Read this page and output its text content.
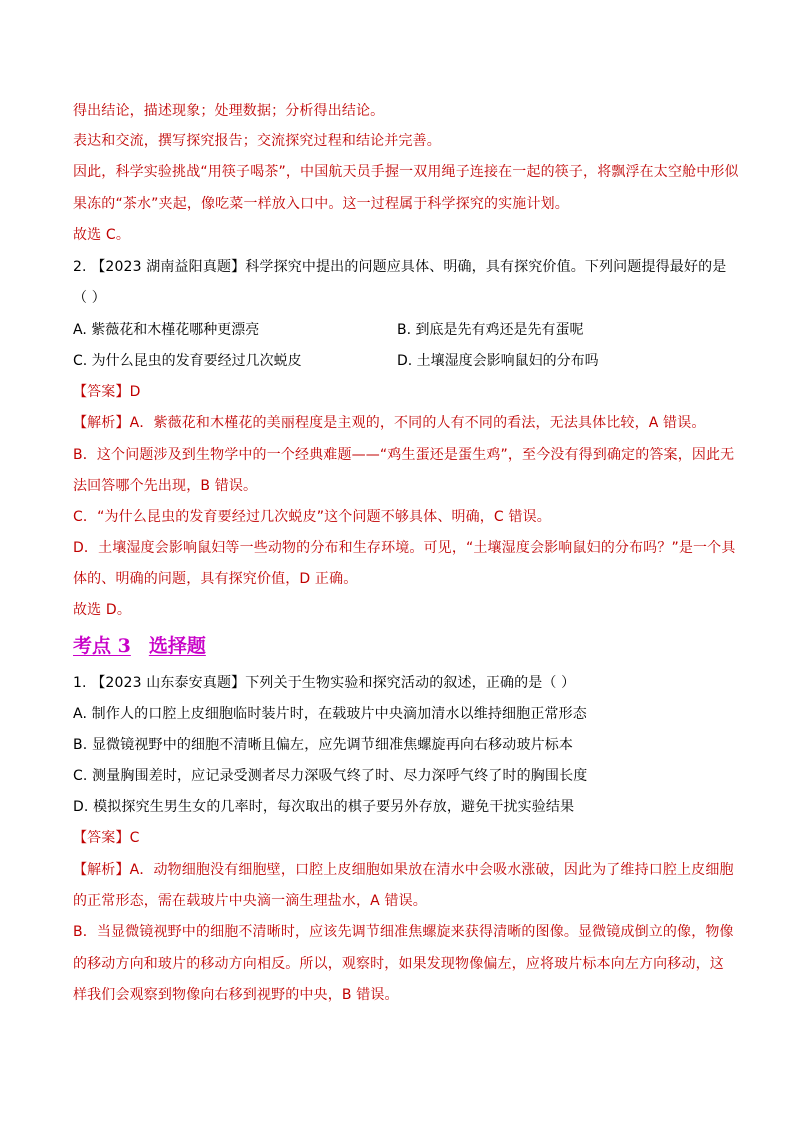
得出结论，描述现象；处理数据；分析得出结论。
表达和交流，撰写探究报告；交流探究过程和结论并完善。
因此，科学实验挑战“用筷子喝茶”，中国航天员手握一双用绳子连接在一起的筷子，将飘浮在太空舱中形似
果冻的“茶水”夹起，像吃菜一样放入口中。这一过程属于科学探究的实施计划。
故选 C。
2. 【2023 湖南益阳真题】科学探究中提出的问题应具体、明确，具有探究价值。下列问题提得最好的是
（ ）
A. 紫薇花和木槿花哪种更漂亮	B. 到底是先有鸡还是先有蛋呢
C. 为什么昆虫的发育要经过几次蜕皮	D. 土壤湿度会影响鼠妇的分布吗
【答案】D
【解析】A．紫薇花和木槿花的美丽程度是主观的，不同的人有不同的看法，无法具体比较，A 错误。
B．这个问题涉及到生物学中的一个经典难题——“鸡生蛋还是蛋生鸡”，至今没有得到确定的答案，因此无
法回答哪个先出现，B 错误。
C．“为什么昆虫的发育要经过几次蜕皮”这个问题不够具体、明确，C 错误。
D．土壤湿度会影响鼠妇等一些动物的分布和生存环境。可见，“土壤湿度会影响鼠妇的分布吗？”是一个具
体的、明确的问题，具有探究价值，D 正确。
故选 D。
考点 3 选择题
1. 【2023 山东泰安真题】下列关于生物实验和探究活动的叙述，正确的是（ ）
A. 制作人的口腔上皮细胞临时装片时，在载玻片中央滴加清水以维持细胞正常形态
B. 显微镜视野中的细胞不清晰且偏左，应先调节细准焦螺旋再向右移动玻片标本
C. 测量胸围差时，应记录受测者尽力深吸气终了时、尽力深呼气终了时的胸围长度
D. 模拟探究生男生女的几率时，每次取出的棋子要另外存放，避免干扰实验结果
【答案】C
【解析】A．动物细胞没有细胞壁，口腔上皮细胞如果放在清水中会吸水涨破，因此为了维持口腔上皮细胞
的正常形态，需在载玻片中央滴一滴生理盐水，A 错误。
B．当显微镜视野中的细胞不清晰时，应该先调节细准焦螺旋来获得清晰的图像。显微镜成倒立的像，物像
的移动方向和玻片的移动方向相反。所以，观察时，如果发现物像偏左，应将玻片标本向左方向移动，这
样我们会观察到物像向右移到视野的中央，B 错误。
